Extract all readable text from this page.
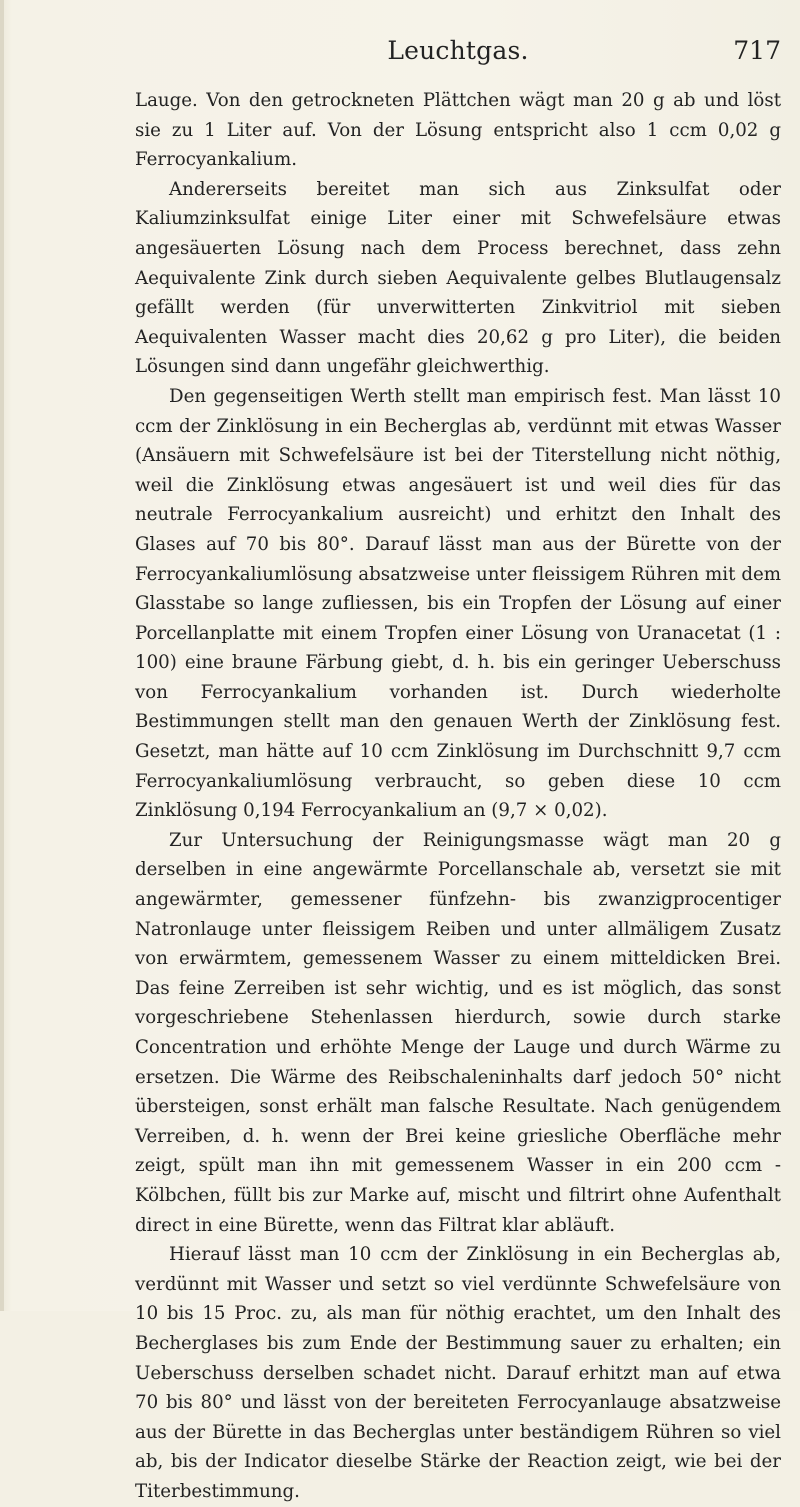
Leuchtgas.	717

Lauge. Von den getrockneten Plättchen wägt man 20 g ab und löst sie zu 1 Liter auf. Von der Lösung entspricht also 1 ccm 0,02 g Ferrocyankalium.

Andererseits bereitet man sich aus Zinksulfat oder Kaliumzinksulfat einige Liter einer mit Schwefelsäure etwas angesäuerten Lösung nach dem Process berechnet, dass zehn Aequivalente Zink durch sieben Aequivalente gelbes Blutlaugensalz gefällt werden (für unverwitterten Zinkvitriol mit sieben Aequivalenten Wasser macht dies 20,62 g pro Liter), die beiden Lösungen sind dann ungefähr gleichwerthig.

Den gegenseitigen Werth stellt man empirisch fest. Man lässt 10 ccm der Zinklösung in ein Becherglas ab, verdünnt mit etwas Wasser (Ansäuern mit Schwefelsäure ist bei der Titerstellung nicht nöthig, weil die Zinklösung etwas angesäuert ist und weil dies für das neutrale Ferrocyankalium ausreicht) und erhitzt den Inhalt des Glases auf 70 bis 80°. Darauf lässt man aus der Bürette von der Ferrocyankaliumlösung absatzweise unter fleissigem Rühren mit dem Glasstabe so lange zufliessen, bis ein Tropfen der Lösung auf einer Porcellanplatte mit einem Tropfen einer Lösung von Uranacetat (1 : 100) eine braune Färbung giebt, d. h. bis ein geringer Ueberschuss von Ferrocyankalium vorhanden ist. Durch wiederholte Bestimmungen stellt man den genauen Werth der Zinklösung fest. Gesetzt, man hätte auf 10 ccm Zinklösung im Durchschnitt 9,7 ccm Ferrocyankaliumlösung verbraucht, so geben diese 10 ccm Zinklösung 0,194 Ferrocyankalium an (9,7 × 0,02).

Zur Untersuchung der Reinigungsmasse wägt man 20 g derselben in eine angewärmte Porcellanschale ab, versetzt sie mit angewärmter, gemessener fünfzehn- bis zwanzigprocentiger Natronlauge unter fleissigem Reiben und unter allmäligem Zusatz von erwärmtem, gemessenem Wasser zu einem mitteldicken Brei. Das feine Zerreiben ist sehr wichtig, und es ist möglich, das sonst vorgeschriebene Stehenlassen hierdurch, sowie durch starke Concentration und erhöhte Menge der Lauge und durch Wärme zu ersetzen. Die Wärme des Reibschaleninhalts darf jedoch 50° nicht übersteigen, sonst erhält man falsche Resultate. Nach genügendem Verreiben, d. h. wenn der Brei keine griesliche Oberfläche mehr zeigt, spült man ihn mit gemessenem Wasser in ein 200 ccm - Kölbchen, füllt bis zur Marke auf, mischt und filtrirt ohne Aufenthalt direct in eine Bürette, wenn das Filtrat klar abläuft.

Hierauf lässt man 10 ccm der Zinklösung in ein Becherglas ab, verdünnt mit Wasser und setzt so viel verdünnte Schwefelsäure von 10 bis 15 Proc. zu, als man für nöthig erachtet, um den Inhalt des Becherglases bis zum Ende der Bestimmung sauer zu erhalten; ein Ueberschuss derselben schadet nicht. Darauf erhitzt man auf etwa 70 bis 80° und lässt von der bereiteten Ferrocyanlauge absatzweise aus der Bürette in das Becherglas unter beständigem Rühren so viel ab, bis der Indicator dieselbe Stärke der Reaction zeigt, wie bei der Titerbestimmung.
